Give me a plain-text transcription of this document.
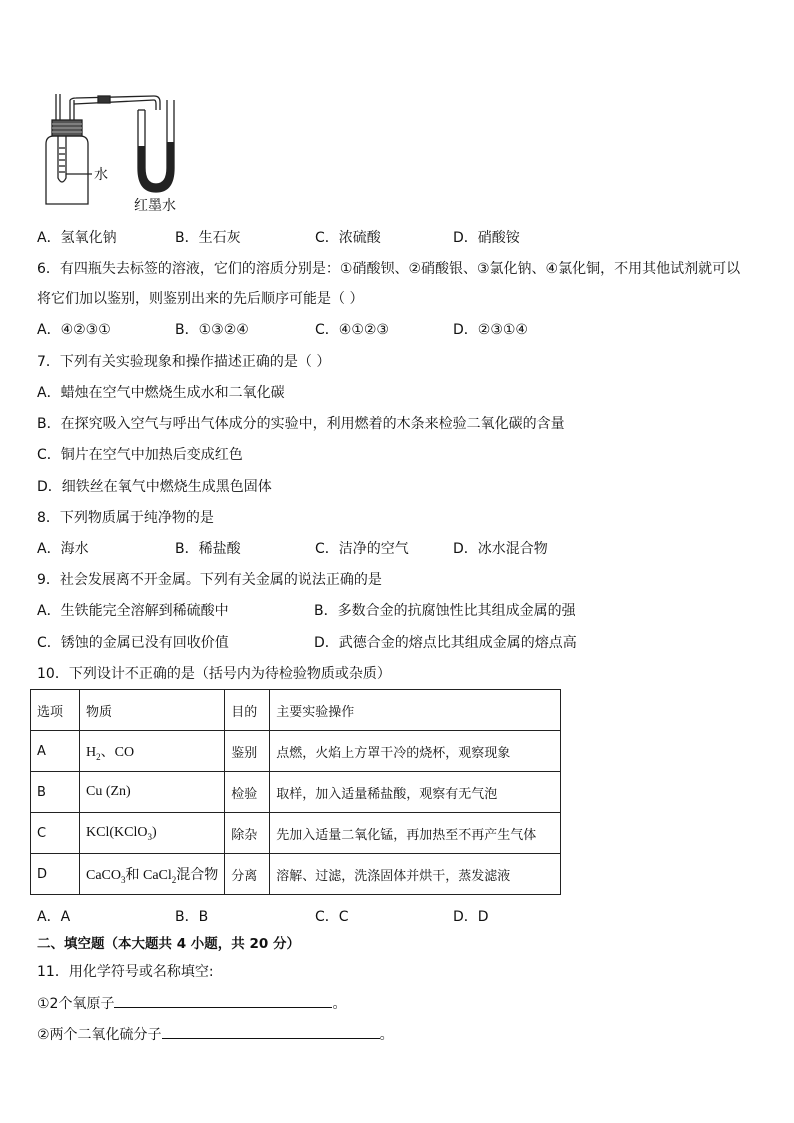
水
红墨水
A．氢氧化钠	B．生石灰	C．浓硫酸	D．硝酸铵
6．有四瓶失去标签的溶液，它们的溶质分别是：①硝酸钡、②硝酸银、③氯化钠、④氯化铜，不用其他试剂就可以
将它们加以鉴别，则鉴别出来的先后顺序可能是（ ）
A．④②③①	B．①③②④	C．④①②③	D．②③①④
7．下列有关实验现象和操作描述正确的是（ ）
A．蜡烛在空气中燃烧生成水和二氧化碳
B．在探究吸入空气与呼出气体成分的实验中，利用燃着的木条来检验二氧化碳的含量
C．铜片在空气中加热后变成红色
D．细铁丝在氧气中燃烧生成黑色固体
8．下列物质属于纯净物的是
A．海水	B．稀盐酸	C．洁净的空气	D．冰水混合物
9．社会发展离不开金属。下列有关金属的说法正确的是
A．生铁能完全溶解到稀硫酸中	B．多数合金的抗腐蚀性比其组成金属的强
C．锈蚀的金属已没有回收价值	D．武德合金的熔点比其组成金属的熔点高
10．下列设计不正确的是（括号内为待检验物质或杂质）
选项	物质	目的	主要实验操作
A	$H_2$、CO	鉴别	点燃，火焰上方罩干冷的烧杯，观察现象
B	Cu (Zn)	检验	取样，加入适量稀盐酸，观察有无气泡
C	KCl(KClO$_3$)	除杂	先加入适量二氧化锰，再加热至不再产生气体
D	CaCO$_3$和 CaCl$_2$混合物	分离	溶解、过滤，洗涤固体并烘干，蒸发滤液
A．A	B．B	C．C	D．D
二、填空题（本大题共 4 小题，共 20 分）
11．用化学符号或名称填空:
①2个氧原子	。
②两个二氧化硫分子	。
